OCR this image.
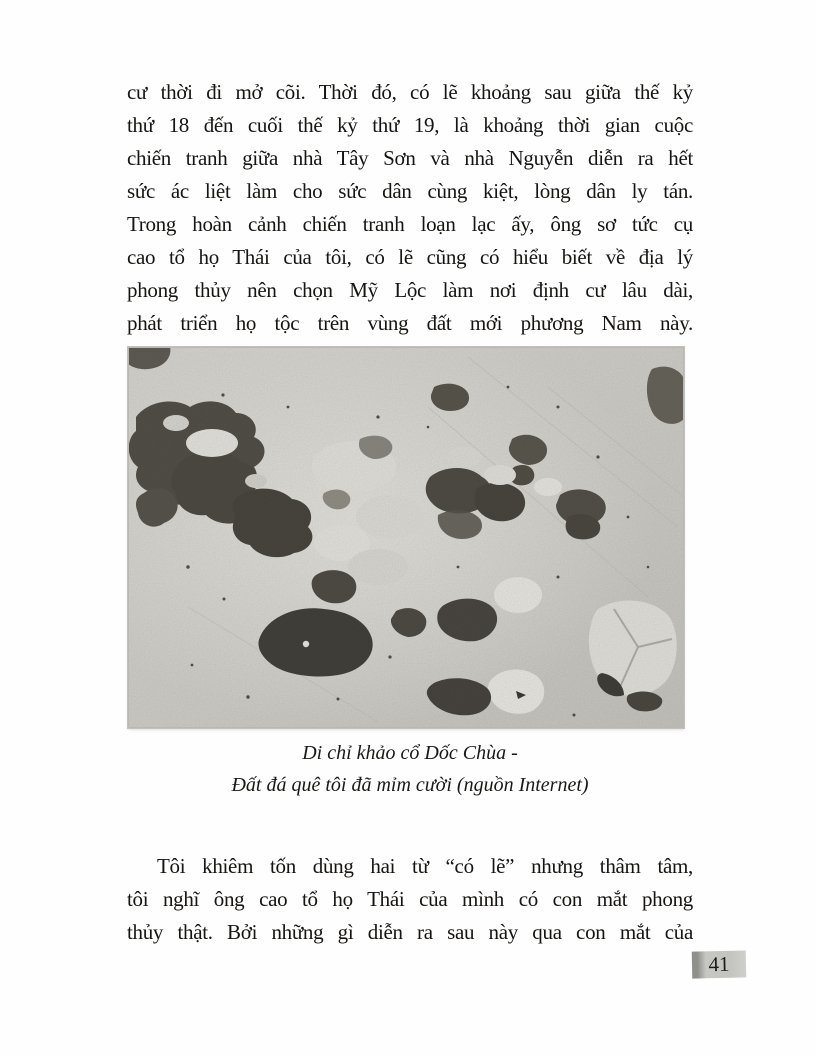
cư thời đi mở cõi. Thời đó, có lẽ khoảng sau giữa thế kỷ
thứ 18 đến cuối thế kỷ thứ 19, là khoảng thời gian cuộc
chiến tranh giữa nhà Tây Sơn và nhà Nguyễn diễn ra hết
sức ác liệt làm cho sức dân cùng kiệt, lòng dân ly tán.
Trong hoàn cảnh chiến tranh loạn lạc ấy, ông sơ tức cụ
cao tổ họ Thái của tôi, có lẽ cũng có hiểu biết về địa lý
phong thủy nên chọn Mỹ Lộc làm nơi định cư lâu dài,
phát triển họ tộc trên vùng đất mới phương Nam này.
Di chỉ khảo cổ Dốc Chùa -
Đất đá quê tôi đã mỉm cười (nguồn Internet)
Tôi khiêm tốn dùng hai từ “có lẽ” nhưng thâm tâm,
tôi nghĩ ông cao tổ họ Thái của mình có con mắt phong
thủy thật. Bởi những gì diễn ra sau này qua con mắt của
41
